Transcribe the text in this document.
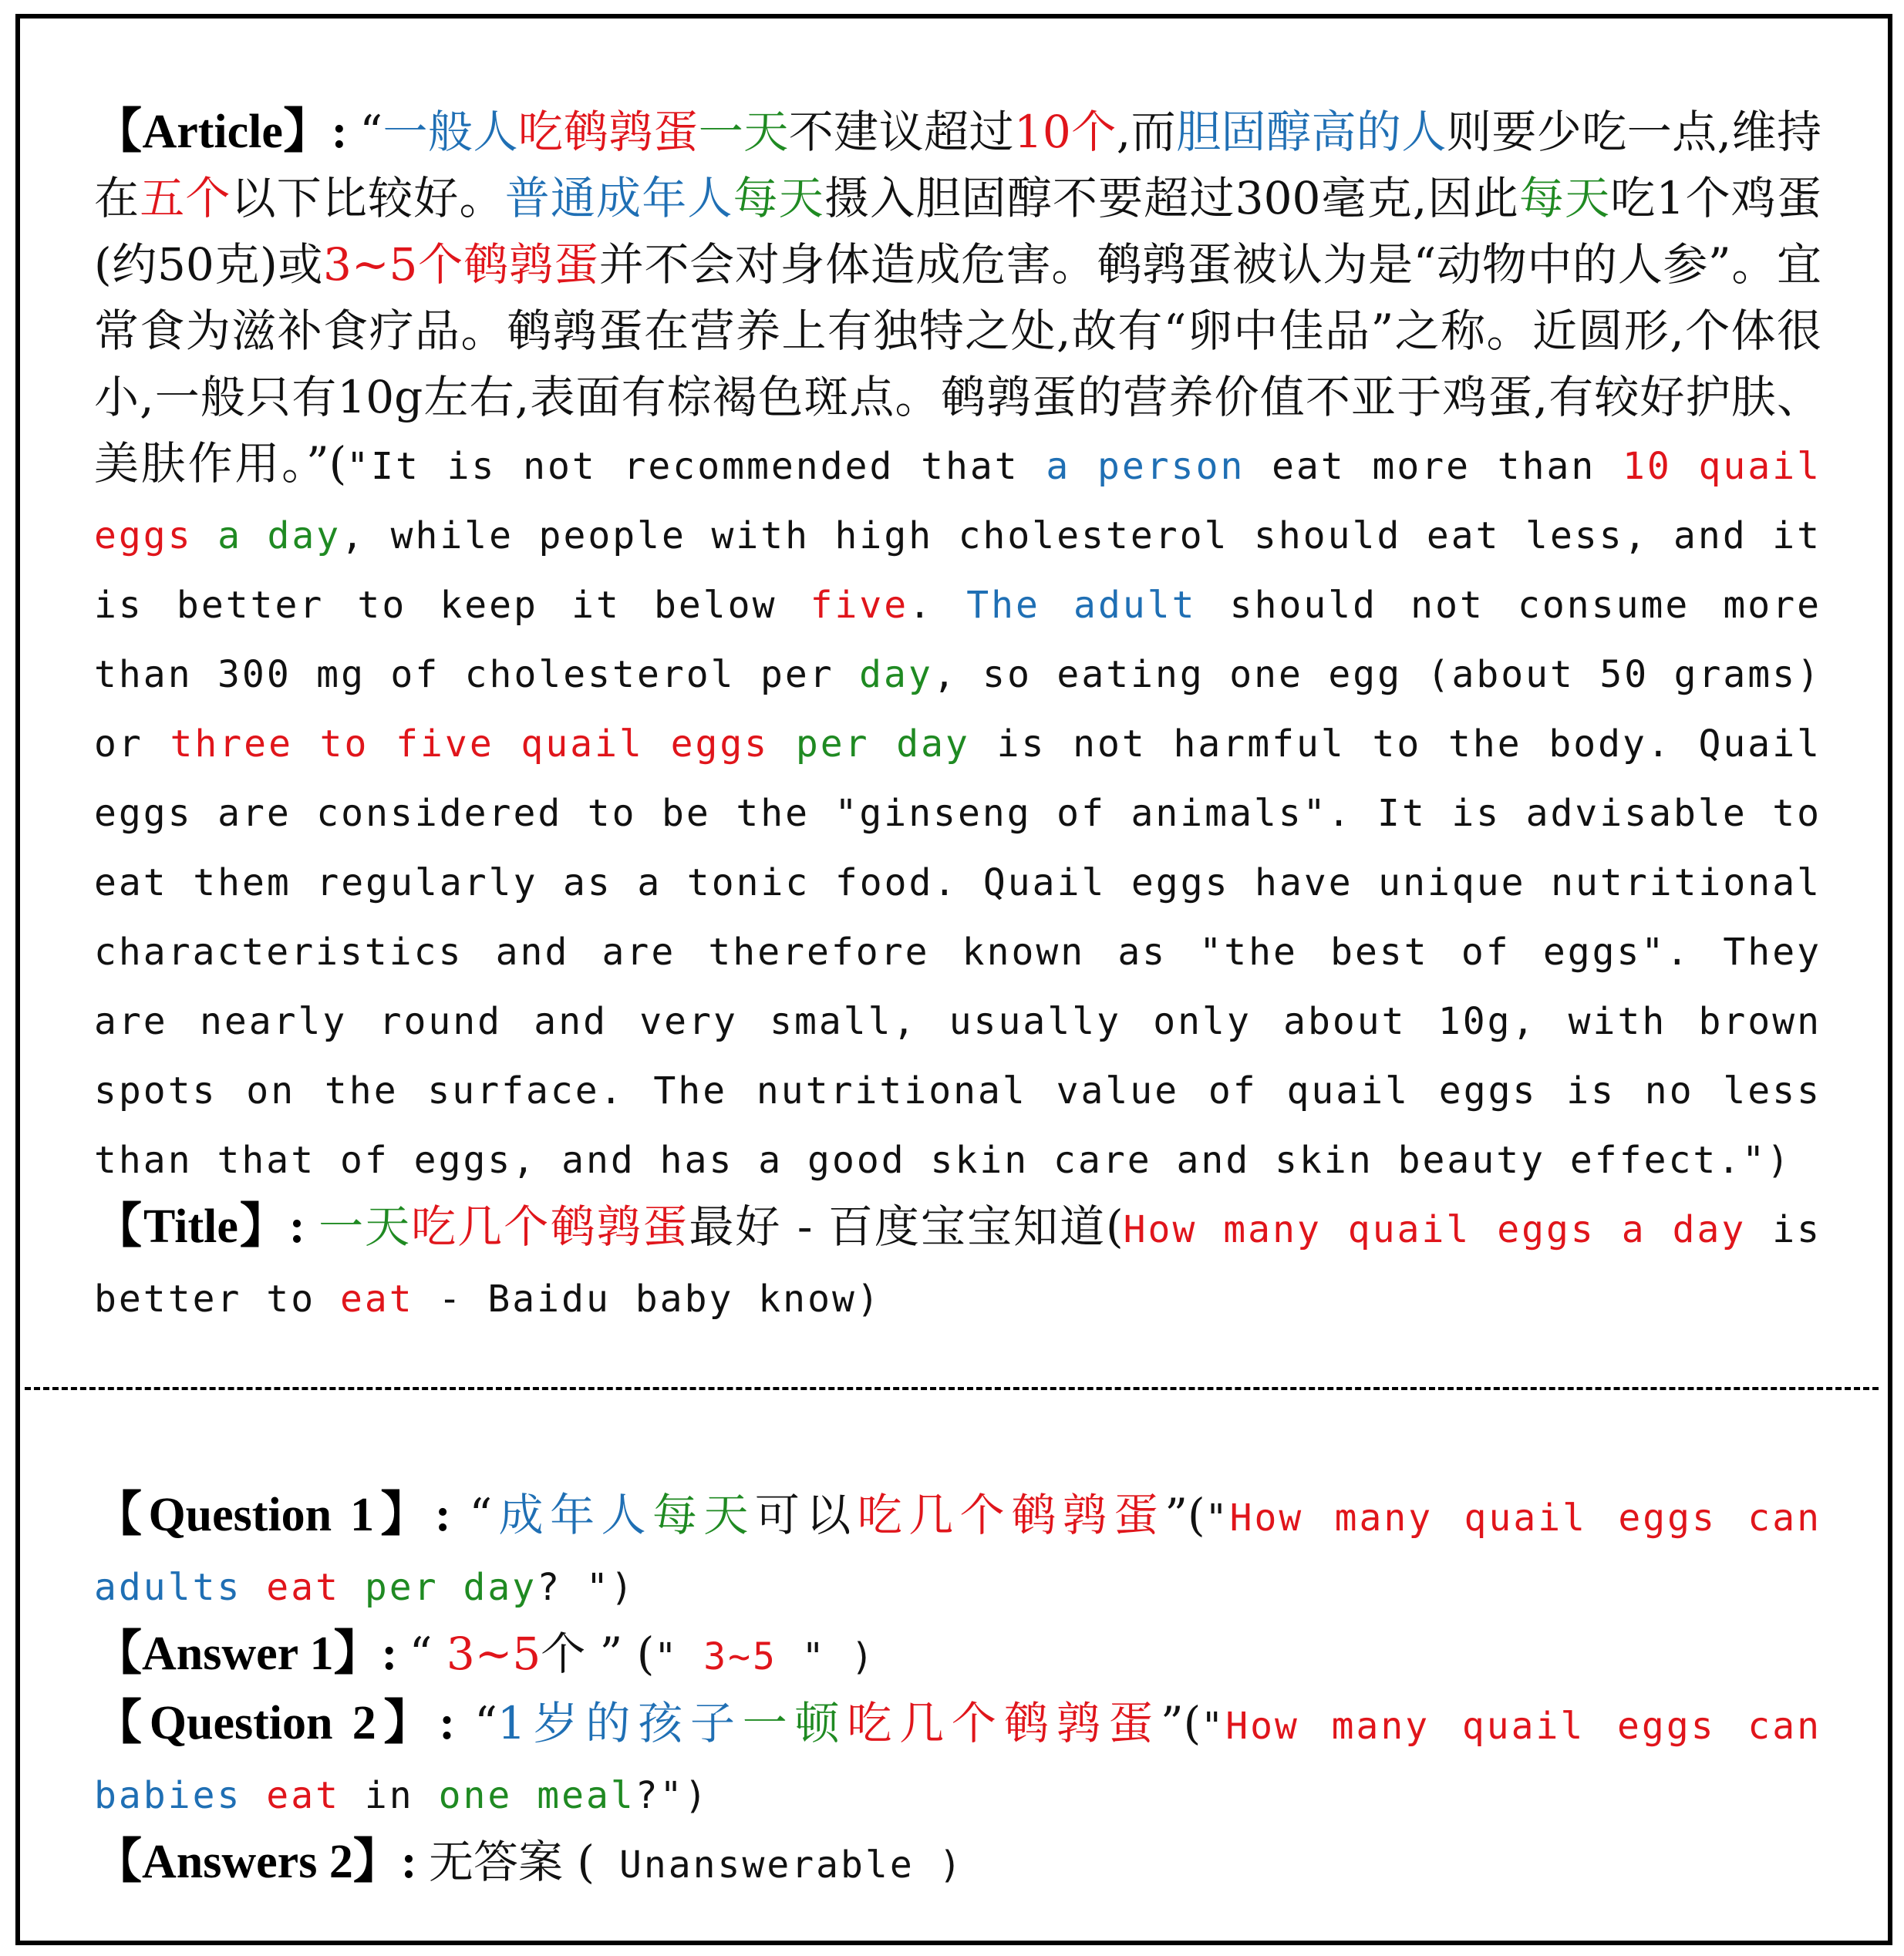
【Article】: “一般人吃鹌鹑蛋一天不建议超过10个,而胆固醇高的人则要少吃一点,维持在五个以下比较好。普通成年人每天摄入胆固醇不要超过300毫克,因此每天吃1个鸡蛋(约50克)或3~5个鹌鹑蛋并不会对身体造成危害。鹌鹑蛋被认为是“动物中的人参”。宜常食为滋补食疗品。鹌鹑蛋在营养上有独特之处,故有“卵中佳品”之称。近圆形,个体很小,一般只有10g左右,表面有棕褐色斑点。鹌鹑蛋的营养价值不亚于鸡蛋,有较好护肤、美肤作用。”("It is not recommended that a person eat more than 10 quail eggs a day, while people with high cholesterol should eat less, and it is better to keep it below five. The adult should not consume more than 300 mg of cholesterol per day, so eating one egg (about 50 grams) or three to five quail eggs per day is not harmful to the body. Quail eggs are considered to be the "ginseng of animals". It is advisable to eat them regularly as a tonic food. Quail eggs have unique nutritional characteristics and are therefore known as "the best of eggs". They are nearly round and very small, usually only about 10g, with brown spots on the surface. The nutritional value of quail eggs is no less than that of eggs, and has a good skin care and skin beauty effect.")

【Title】: 一天吃几个鹌鹑蛋最好 - 百度宝宝知道(How many quail eggs a day is better to eat - Baidu baby know)

【Question 1】: “成年人每天可以吃几个鹌鹑蛋”("How many quail eggs can adults eat per day? ")

【Answer 1】: “ 3~5个 ” (" 3~5 " )

【Question 2】: “1岁的孩子一顿吃几个鹌鹑蛋”("How many quail eggs can babies eat in one meal?")

【Answers 2】: 无答案 ( Unanswerable )
